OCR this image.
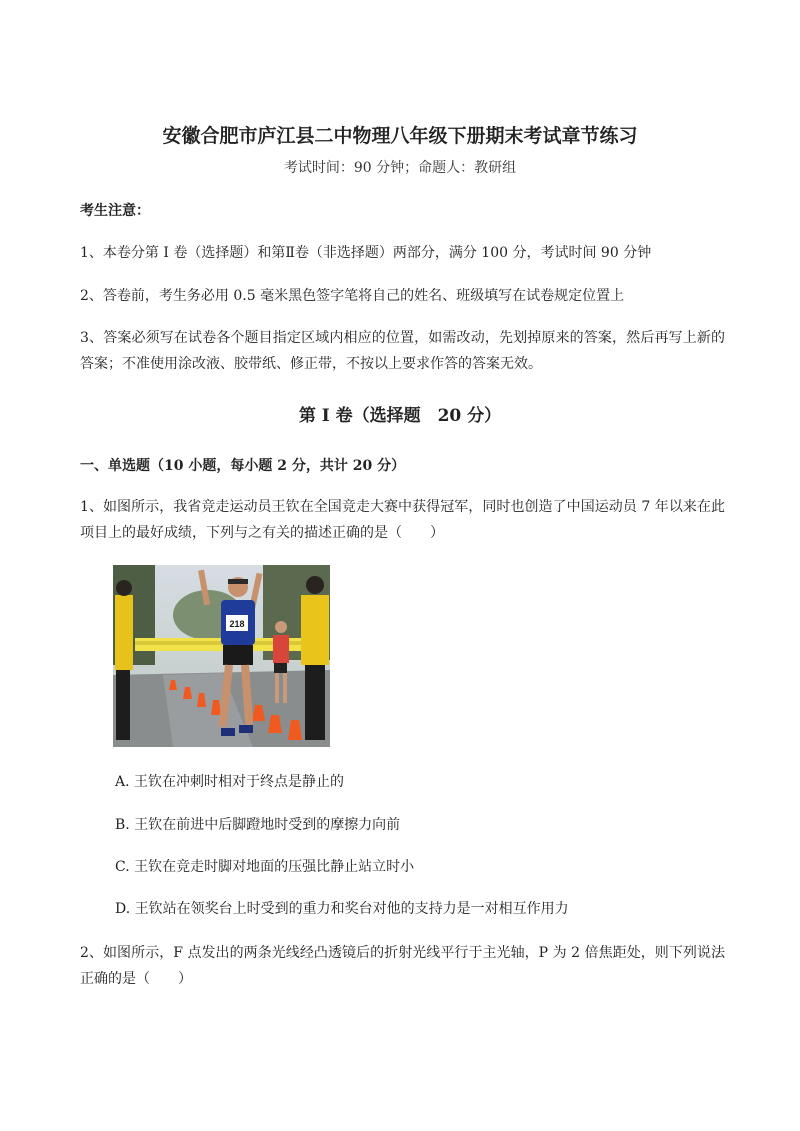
安徽合肥市庐江县二中物理八年级下册期末考试章节练习
考试时间：90 分钟；命题人：教研组
考生注意：
1、本卷分第 I 卷（选择题）和第Ⅱ卷（非选择题）两部分，满分 100 分，考试时间 90 分钟
2、答卷前，考生务必用 0.5 毫米黑色签字笔将自己的姓名、班级填写在试卷规定位置上
3、答案必须写在试卷各个题目指定区域内相应的位置，如需改动，先划掉原来的答案，然后再写上新的答案；不准使用涂改液、胶带纸、修正带，不按以上要求作答的答案无效。
第 I 卷（选择题　20 分）
一、单选题（10 小题，每小题 2 分，共计 20 分）
1、如图所示，我省竞走运动员王钦在全国竞走大赛中获得冠军，同时也创造了中国运动员 7 年以来在此项目上的最好成绩，下列与之有关的描述正确的是（　　）
218
A. 王钦在冲刺时相对于终点是静止的
B. 王钦在前进中后脚蹬地时受到的摩擦力向前
C. 王钦在竞走时脚对地面的压强比静止站立时小
D. 王钦站在领奖台上时受到的重力和奖台对他的支持力是一对相互作用力
2、如图所示，F 点发出的两条光线经凸透镜后的折射光线平行于主光轴，P 为 2 倍焦距处，则下列说法正确的是（　　）
